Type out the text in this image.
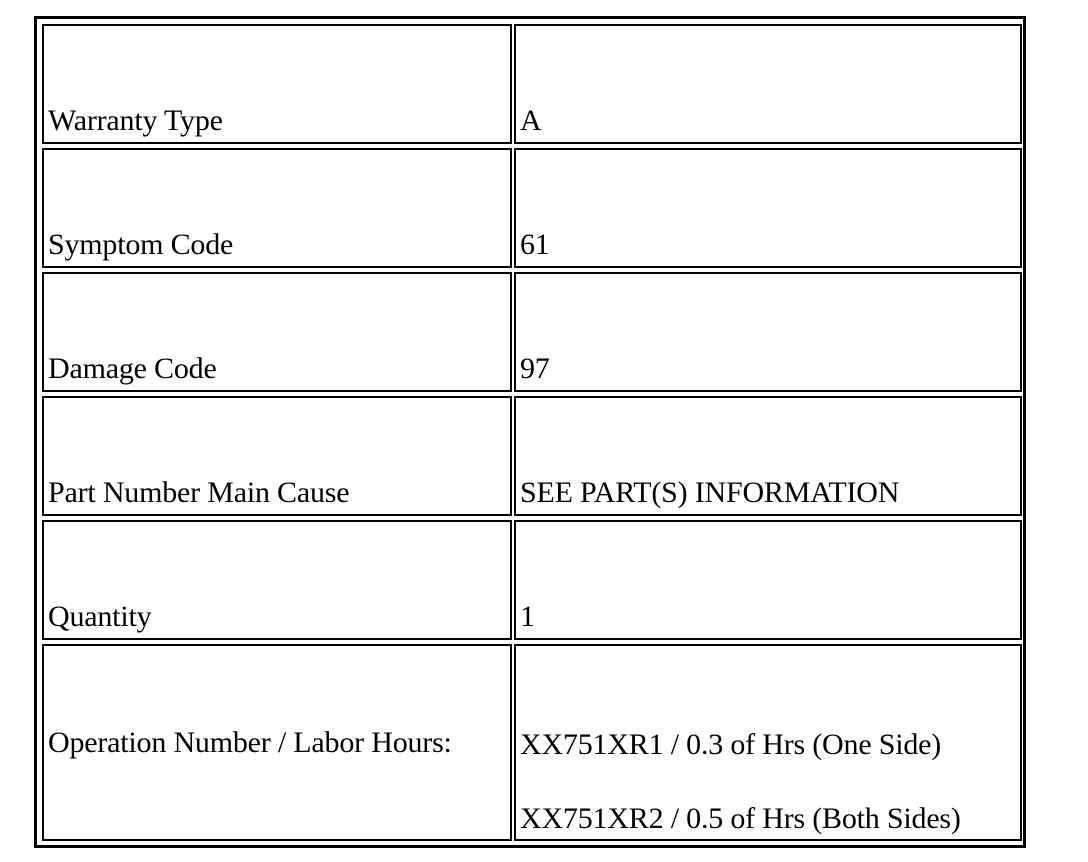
Warranty Type	A
Symptom Code	61
Damage Code	97
Part Number Main Cause	SEE PART(S) INFORMATION
Quantity	1
Operation Number / Labor Hours: XX751XR1 / 0.3 of Hrs (One Side)
XX751XR2 / 0.5 of Hrs (Both Sides)
